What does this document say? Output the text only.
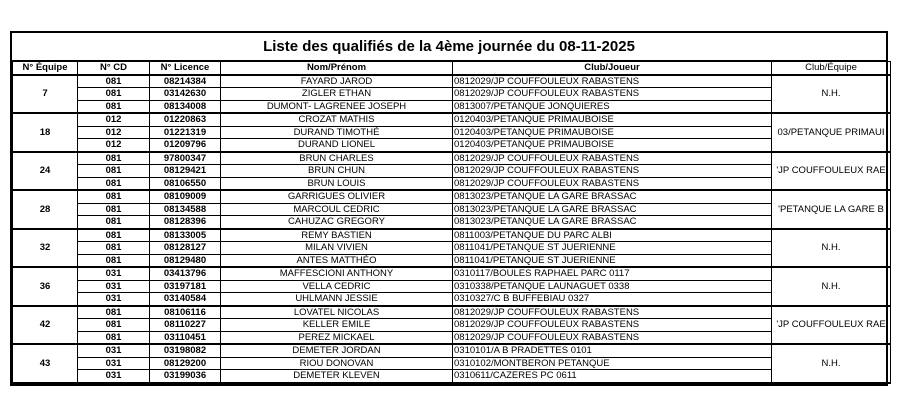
Liste des qualifiés de la 4ème journée du 08-11-2025
N° Équipe	N° CD	N° Licence	Nom/Prénom	Club/Joueur	Club/Équipe
7	081	08214384	FAYARD JAROD	0812029/JP COUFFOULEUX RABASTENS	N.H.
	081	03142630	ZIGLER ETHAN	0812029/JP COUFFOULEUX RABASTENS	
	081	08134008	DUMONT- LAGRENEE JOSEPH	0813007/PETANQUE JONQUIERES	
18	012	01220863	CROZAT MATHIS	0120403/PETANQUE PRIMAUBOISE	03/PETANQUE PRIMAUI
	012	01221319	DURAND TIMOTHÉ	0120403/PETANQUE PRIMAUBOISE	
	012	01209796	DURAND LIONEL	0120403/PETANQUE PRIMAUBOISE	
24	081	97800347	BRUN CHARLES	0812029/JP COUFFOULEUX RABASTENS	'JP COUFFOULEUX RAE
	081	08129421	BRUN CHUN	0812029/JP COUFFOULEUX RABASTENS	
	081	08106550	BRUN LOUIS	0812029/JP COUFFOULEUX RABASTENS	
28	081	08109009	GARRIGUES OLIVIER	0813023/PETANQUE LA GARE BRASSAC	'PETANQUE LA GARE B
	081	08134588	MARCOUL CEDRIC	0813023/PETANQUE LA GARE BRASSAC	
	081	08128396	CAHUZAC GREGORY	0813023/PETANQUE LA GARE BRASSAC	
32	081	08133005	REMY BASTIEN	0811003/PETANQUE DU PARC ALBI	N.H.
	081	08128127	MILAN VIVIEN	0811041/PETANQUE ST JUERIENNE	
	081	08129480	ANTES MATTHÉO	0811041/PETANQUE ST JUERIENNE	
36	031	03413796	MAFFESCIONI ANTHONY	0310117/BOULES RAPHAEL PARC 0117	N.H.
	031	03197181	VELLA CEDRIC	0310338/PETANQUE LAUNAGUET 0338	
	031	03140584	UHLMANN JESSIE	0310327/C B BUFFEBIAU 0327	
42	081	08106116	LOVATEL NICOLAS	0812029/JP COUFFOULEUX RABASTENS	'JP COUFFOULEUX RAE
	081	08110227	KELLER EMILE	0812029/JP COUFFOULEUX RABASTENS	
	081	03110451	PEREZ MICKAEL	0812029/JP COUFFOULEUX RABASTENS	
43	031	03198082	DEMETER JORDAN	0310101/A B PRADETTES 0101	N.H.
	031	08129200	RIOU DONOVAN	0310102/MONTBERON PETANQUE	
	031	03199036	DEMETER KLEVEN	0310611/CAZERES PC 0611	
